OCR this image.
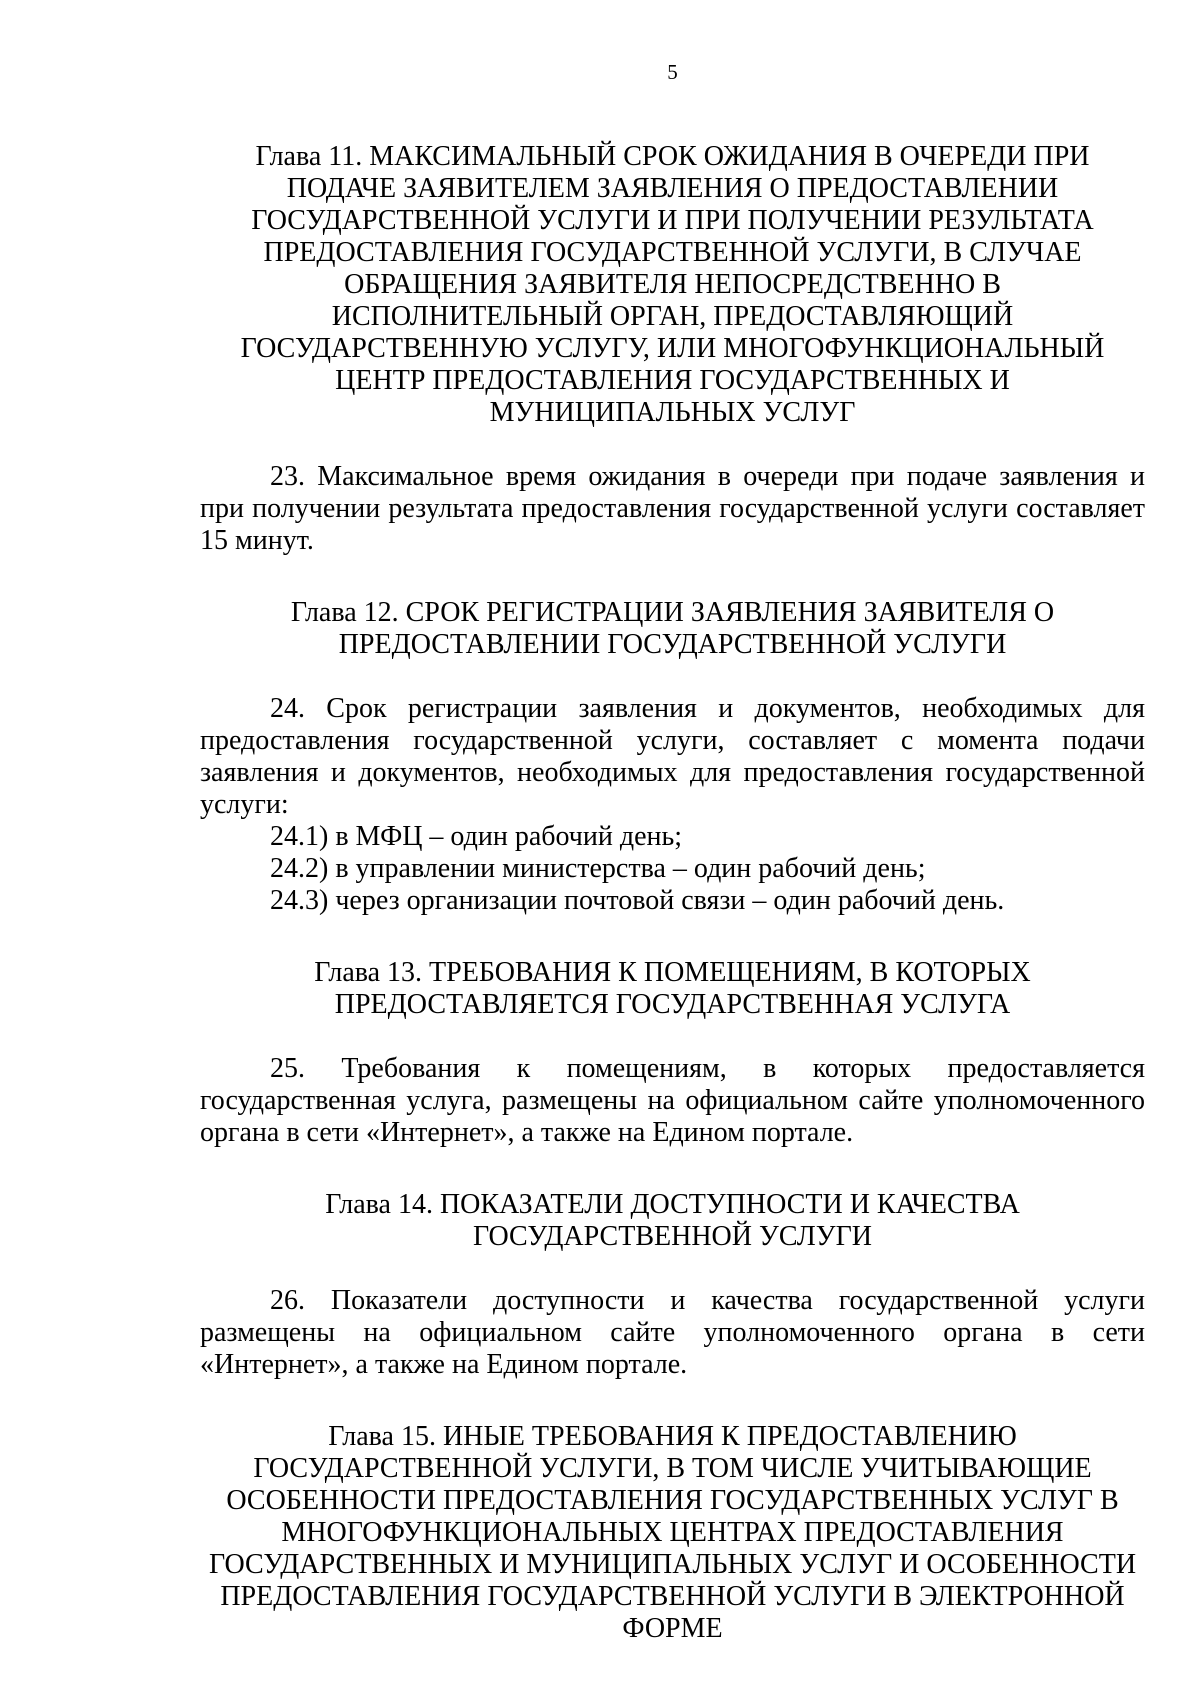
5
Глава 11. МАКСИМАЛЬНЫЙ СРОК ОЖИДАНИЯ В ОЧЕРЕДИ ПРИ
ПОДАЧЕ ЗАЯВИТЕЛЕМ ЗАЯВЛЕНИЯ О ПРЕДОСТАВЛЕНИИ
ГОСУДАРСТВЕННОЙ УСЛУГИ И ПРИ ПОЛУЧЕНИИ РЕЗУЛЬТАТА
ПРЕДОСТАВЛЕНИЯ ГОСУДАРСТВЕННОЙ УСЛУГИ, В СЛУЧАЕ
ОБРАЩЕНИЯ ЗАЯВИТЕЛЯ НЕПОСРЕДСТВЕННО В
ИСПОЛНИТЕЛЬНЫЙ ОРГАН, ПРЕДОСТАВЛЯЮЩИЙ
ГОСУДАРСТВЕННУЮ УСЛУГУ, ИЛИ МНОГОФУНКЦИОНАЛЬНЫЙ
ЦЕНТР ПРЕДОСТАВЛЕНИЯ ГОСУДАРСТВЕННЫХ И
МУНИЦИПАЛЬНЫХ УСЛУГ
23. Максимальное время ожидания в очереди при подаче заявления и
при получении результата предоставления государственной услуги составляет
15 минут.
Глава 12. СРОК РЕГИСТРАЦИИ ЗАЯВЛЕНИЯ ЗАЯВИТЕЛЯ О
ПРЕДОСТАВЛЕНИИ ГОСУДАРСТВЕННОЙ УСЛУГИ
24. Срок регистрации заявления и документов, необходимых для
предоставления государственной услуги, составляет с момента подачи
заявления и документов, необходимых для предоставления государственной
услуги:
24.1) в МФЦ – один рабочий день;
24.2) в управлении министерства – один рабочий день;
24.3) через организации почтовой связи – один рабочий день.
Глава 13. ТРЕБОВАНИЯ К ПОМЕЩЕНИЯМ, В КОТОРЫХ
ПРЕДОСТАВЛЯЕТСЯ ГОСУДАРСТВЕННАЯ УСЛУГА
25. Требования к помещениям, в которых предоставляется
государственная услуга, размещены на официальном сайте уполномоченного
органа в сети «Интернет», а также на Едином портале.
Глава 14. ПОКАЗАТЕЛИ ДОСТУПНОСТИ И КАЧЕСТВА
ГОСУДАРСТВЕННОЙ УСЛУГИ
26. Показатели доступности и качества государственной услуги
размещены на официальном сайте уполномоченного органа в сети
«Интернет», а также на Едином портале.
Глава 15. ИНЫЕ ТРЕБОВАНИЯ К ПРЕДОСТАВЛЕНИЮ
ГОСУДАРСТВЕННОЙ УСЛУГИ, В ТОМ ЧИСЛЕ УЧИТЫВАЮЩИЕ
ОСОБЕННОСТИ ПРЕДОСТАВЛЕНИЯ ГОСУДАРСТВЕННЫХ УСЛУГ В
МНОГОФУНКЦИОНАЛЬНЫХ ЦЕНТРАХ ПРЕДОСТАВЛЕНИЯ
ГОСУДАРСТВЕННЫХ И МУНИЦИПАЛЬНЫХ УСЛУГ И ОСОБЕННОСТИ
ПРЕДОСТАВЛЕНИЯ ГОСУДАРСТВЕННОЙ УСЛУГИ В ЭЛЕКТРОННОЙ
ФОРМЕ
